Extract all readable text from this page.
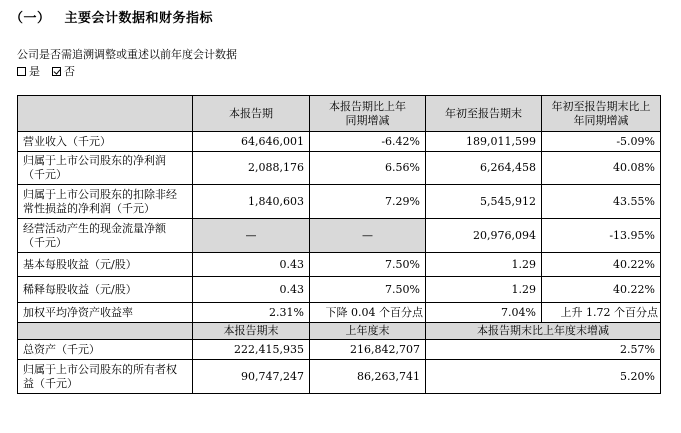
（一） 主要会计数据和财务指标
公司是否需追溯调整或重述以前年度会计数据
是 否
	本报告期	本报告期比上年同期增减	年初至报告期末	年初至报告期末比上年同期增减
营业收入（千元）	64,646,001	-6.42%	189,011,599	-5.09%
归属于上市公司股东的净利润（千元）	2,088,176	6.56%	6,264,458	40.08%
归属于上市公司股东的扣除非经常性损益的净利润（千元）	1,840,603	7.29%	5,545,912	43.55%
经营活动产生的现金流量净额（千元）	—	—	20,976,094	-13.95%
基本每股收益（元/股）	0.43	7.50%	1.29	40.22%
稀释每股收益（元/股）	0.43	7.50%	1.29	40.22%
加权平均净资产收益率	2.31%	下降 0.04 个百分点	7.04%	上升 1.72 个百分点
	本报告期末	上年度末	本报告期末比上年度末增减	
总资产（千元）	222,415,935	216,842,707	2.57%	
归属于上市公司股东的所有者权益（千元）	90,747,247	86,263,741	5.20%	
